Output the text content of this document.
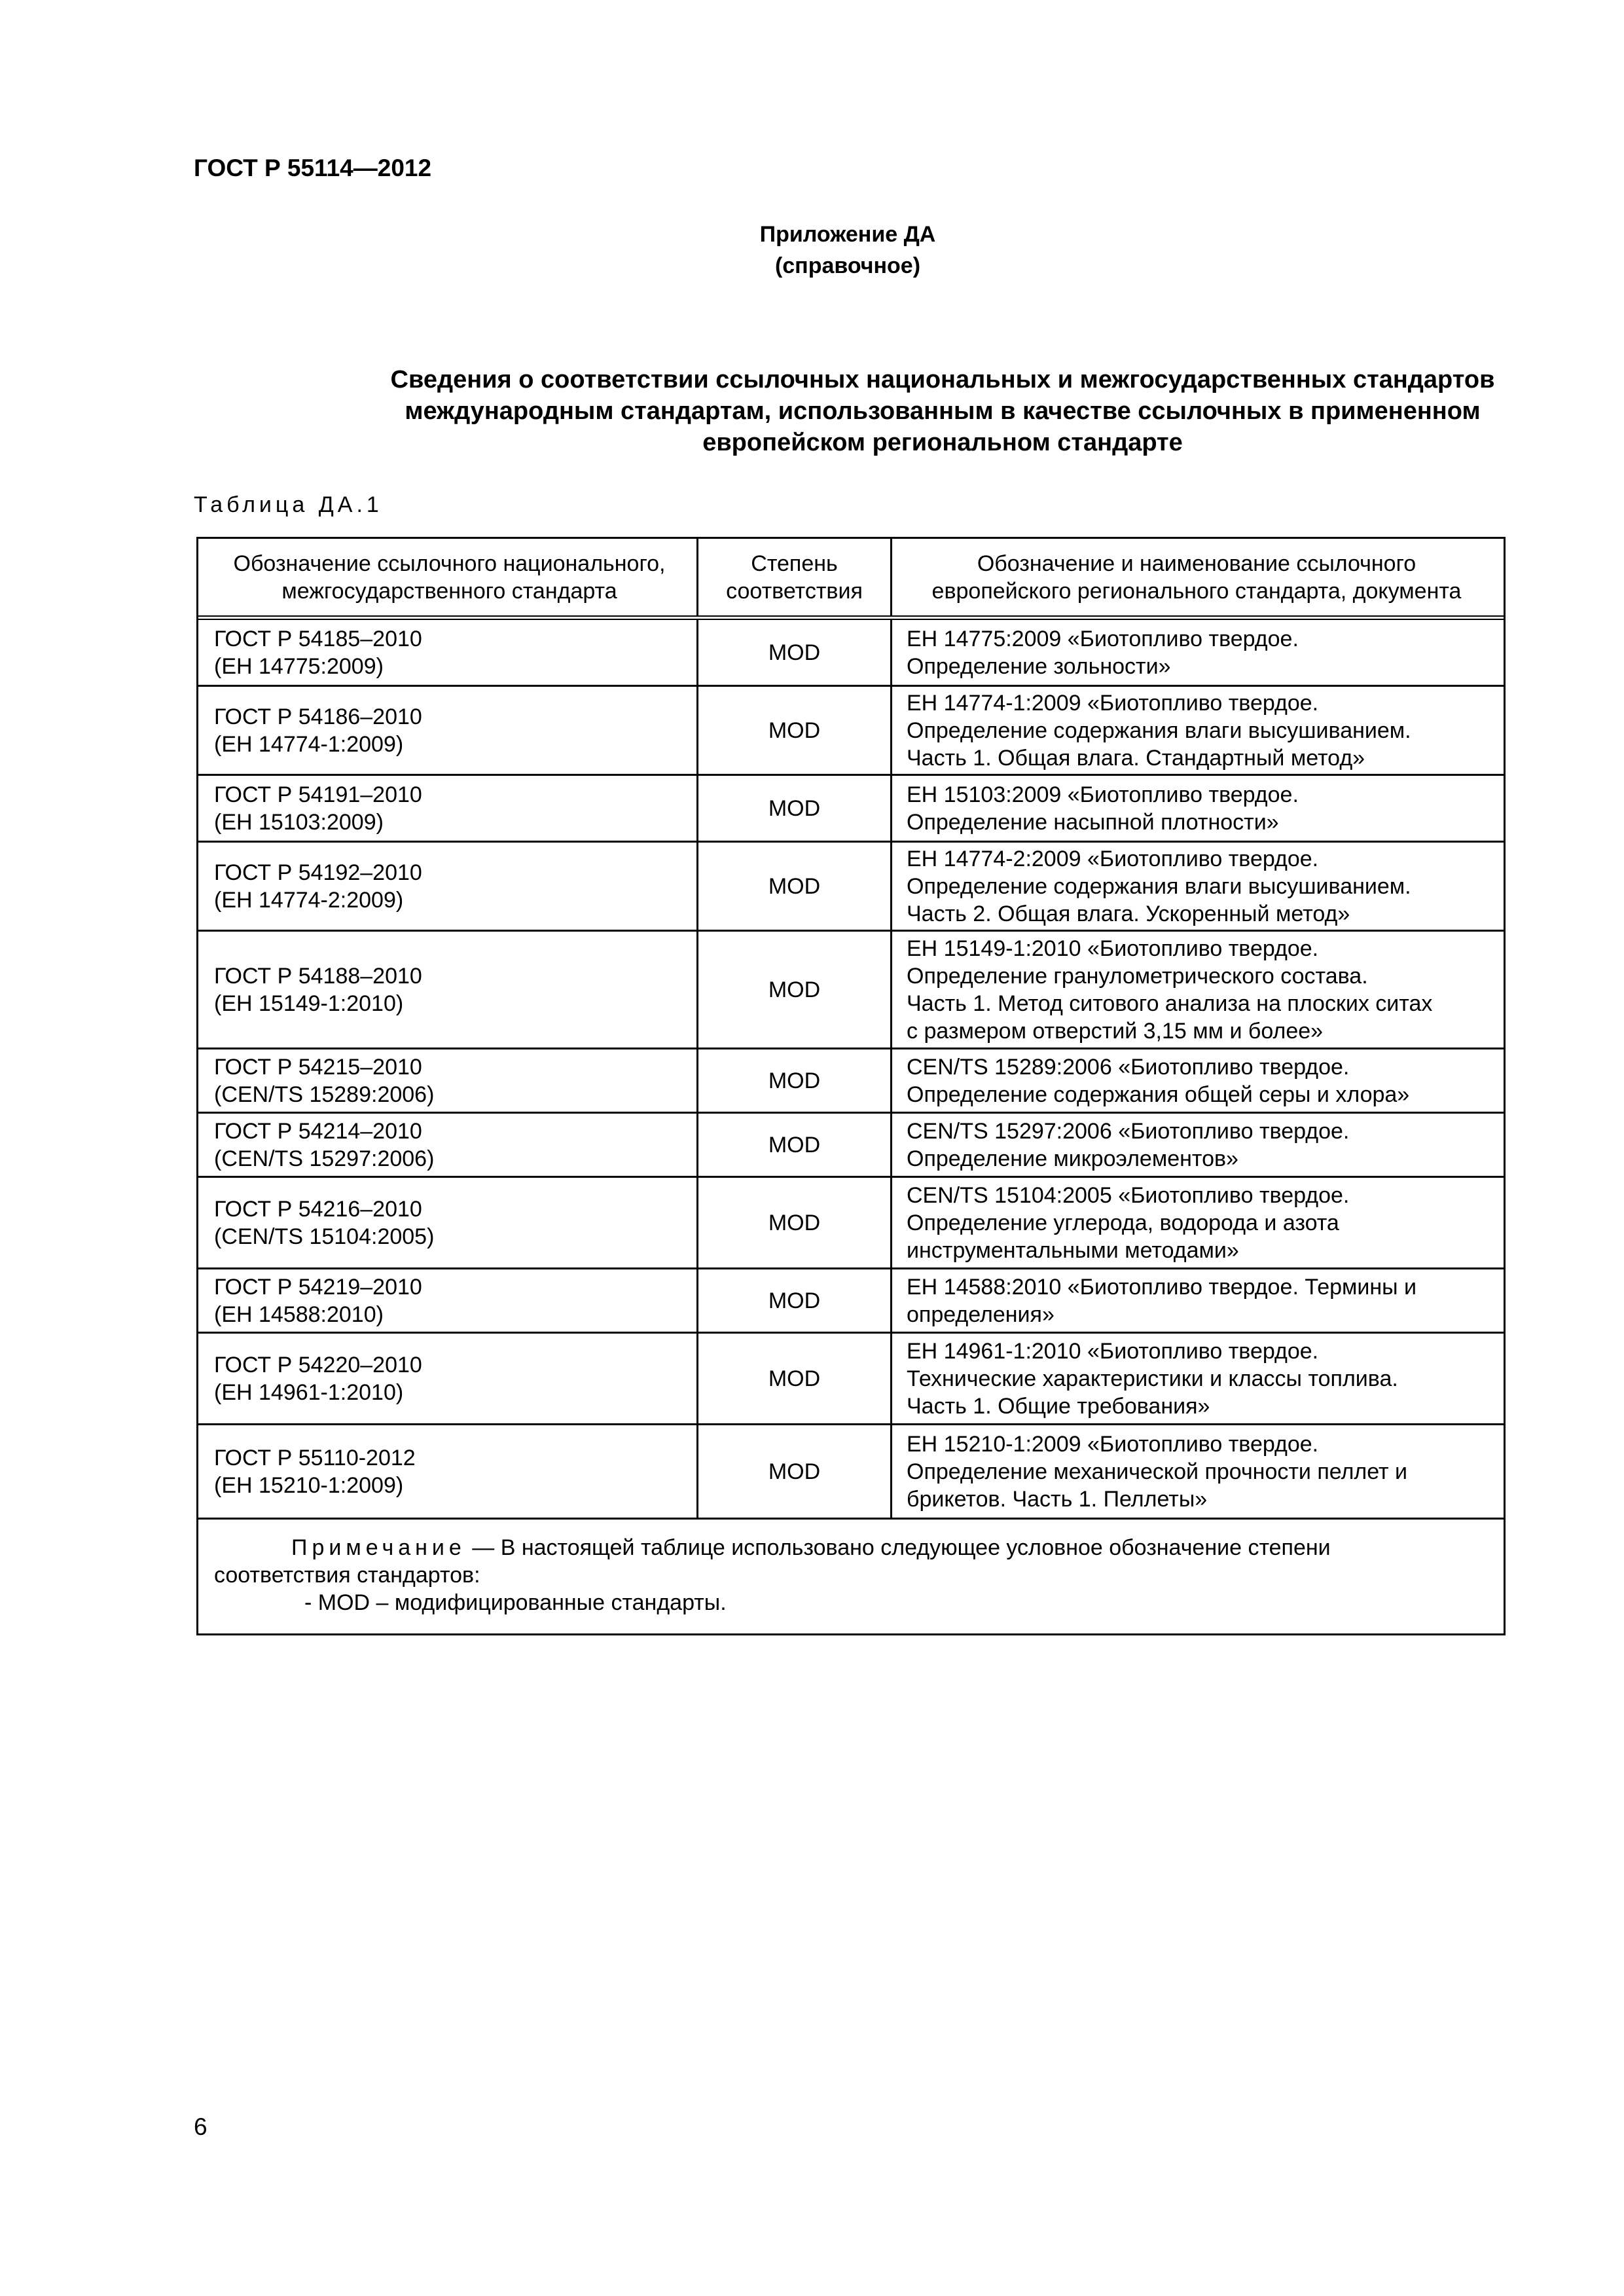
ГОСТ Р 55114—2012
Приложение ДА
(справочное)
Сведения о соответствии ссылочных национальных и межгосударственных стандартов
международным стандартам, использованным в качестве ссылочных в примененном
европейском региональном стандарте
Таблица ДА.1
Обозначение ссылочного национального,
межгосударственного стандарта
Степень
соответствия
Обозначение и наименование ссылочного
европейского регионального стандарта, документа
ГОСТ Р 54185–2010
(ЕН 14775:2009)
MOD
ЕН 14775:2009 «Биотопливо твердое.
Определение зольности»
ГОСТ Р 54186–2010
(ЕН 14774-1:2009)
MOD
ЕН 14774-1:2009 «Биотопливо твердое.
Определение содержания влаги высушиванием.
Часть 1. Общая влага. Стандартный метод»
ГОСТ Р 54191–2010
(ЕН 15103:2009)
MOD
ЕН 15103:2009 «Биотопливо твердое.
Определение насыпной плотности»
ГОСТ Р 54192–2010
(ЕН 14774-2:2009)
MOD
ЕН 14774-2:2009 «Биотопливо твердое.
Определение содержания влаги высушиванием.
Часть 2. Общая влага. Ускоренный метод»
ГОСТ Р 54188–2010
(ЕН 15149-1:2010)
MOD
ЕН 15149-1:2010 «Биотопливо твердое.
Определение гранулометрического состава.
Часть 1. Метод ситового анализа на плоских ситах
с размером отверстий 3,15 мм и более»
ГОСТ Р 54215–2010
(CEN/TS 15289:2006)
MOD
CEN/TS 15289:2006 «Биотопливо твердое.
Определение содержания общей серы и хлора»
ГОСТ Р 54214–2010
(CEN/TS 15297:2006)
MOD
CEN/TS 15297:2006 «Биотопливо твердое.
Определение микроэлементов»
ГОСТ Р 54216–2010
(CEN/TS 15104:2005)
MOD
CEN/TS 15104:2005 «Биотопливо твердое.
Определение углерода, водорода и азота
инструментальными методами»
ГОСТ Р 54219–2010
(ЕН 14588:2010)
MOD
ЕН 14588:2010 «Биотопливо твердое. Термины и
определения»
ГОСТ Р 54220–2010
(ЕН 14961-1:2010)
MOD
ЕН 14961-1:2010 «Биотопливо твердое.
Технические характеристики и классы топлива.
Часть 1. Общие требования»
ГОСТ Р 55110-2012
(ЕН 15210-1:2009)
MOD
ЕН 15210-1:2009 «Биотопливо твердое.
Определение механической прочности пеллет и
брикетов. Часть 1. Пеллеты»
Примечание — В настоящей таблице использовано следующее условное обозначение степени
соответствия стандартов:
- MOD – модифицированные стандарты.
6
